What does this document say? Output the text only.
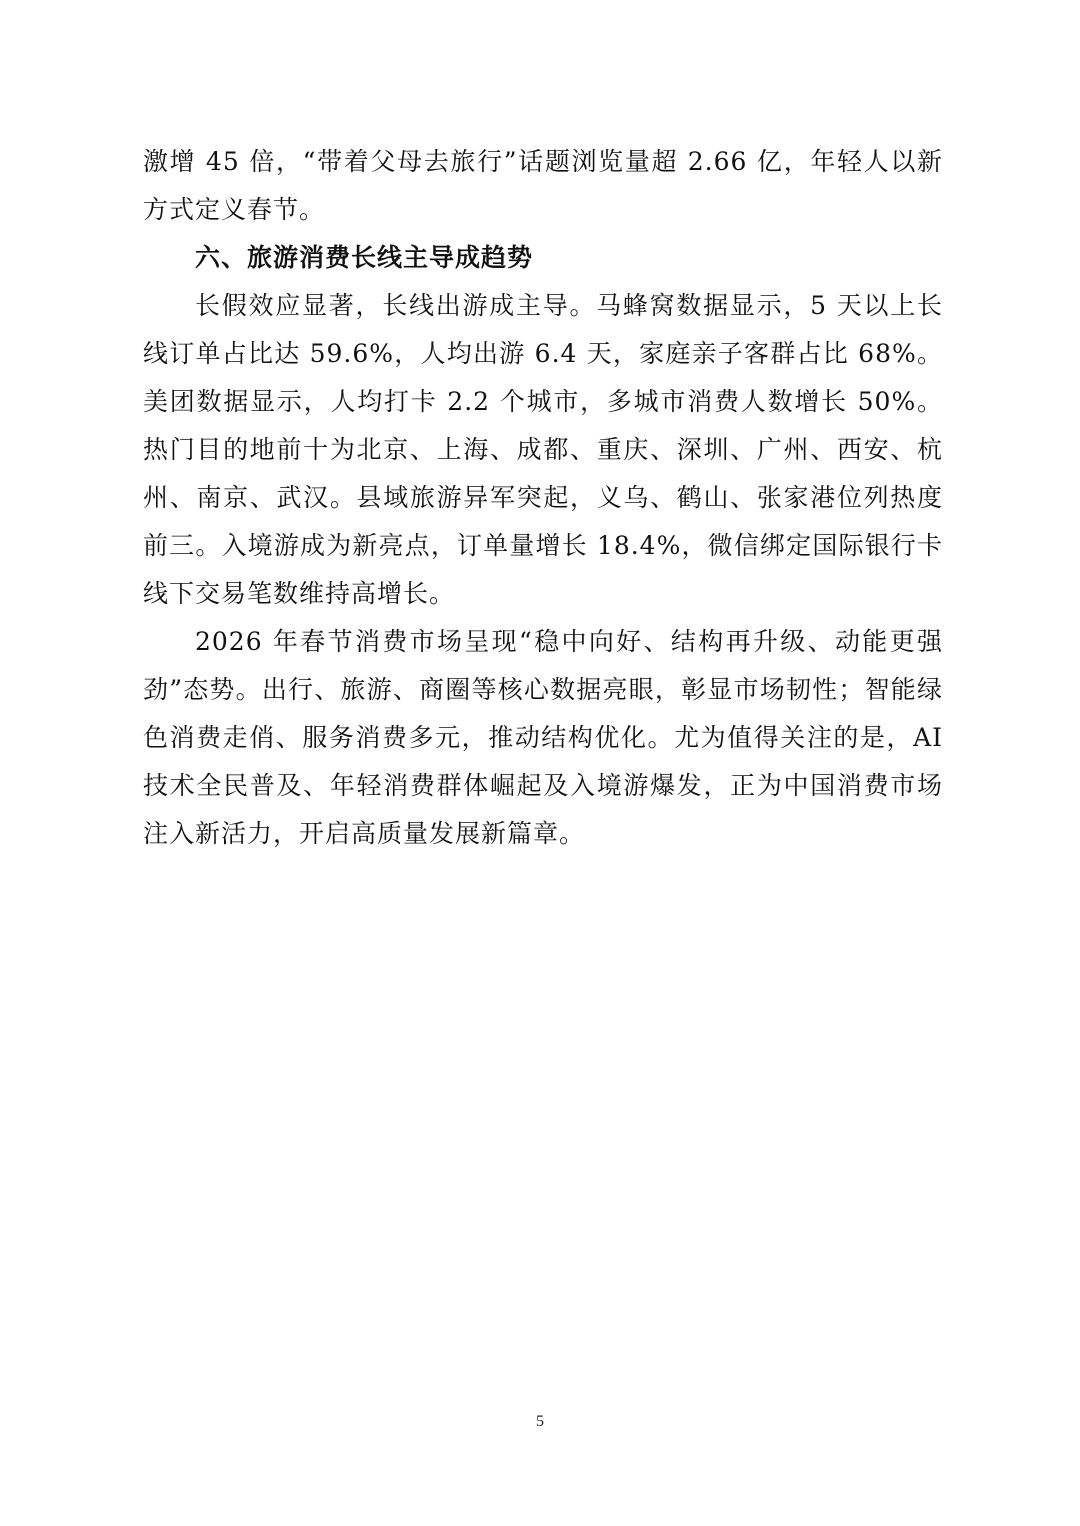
激增 45 倍，“带着父母去旅行”话题浏览量超 2.66 亿，年轻人以新方式定义春节。

六、旅游消费长线主导成趋势

长假效应显著，长线出游成主导。马蜂窝数据显示，5 天以上长线订单占比达 59.6%，人均出游 6.4 天，家庭亲子客群占比 68%。美团数据显示，人均打卡 2.2 个城市，多城市消费人数增长 50%。热门目的地前十为北京、上海、成都、重庆、深圳、广州、西安、杭州、南京、武汉。县域旅游异军突起，义乌、鹤山、张家港位列热度前三。入境游成为新亮点，订单量增长 18.4%，微信绑定国际银行卡线下交易笔数维持高增长。

2026 年春节消费市场呈现“稳中向好、结构再升级、动能更强劲”态势。出行、旅游、商圈等核心数据亮眼，彰显市场韧性；智能绿色消费走俏、服务消费多元，推动结构优化。尤为值得关注的是，AI 技术全民普及、年轻消费群体崛起及入境游爆发，正为中国消费市场注入新活力，开启高质量发展新篇章。

5
